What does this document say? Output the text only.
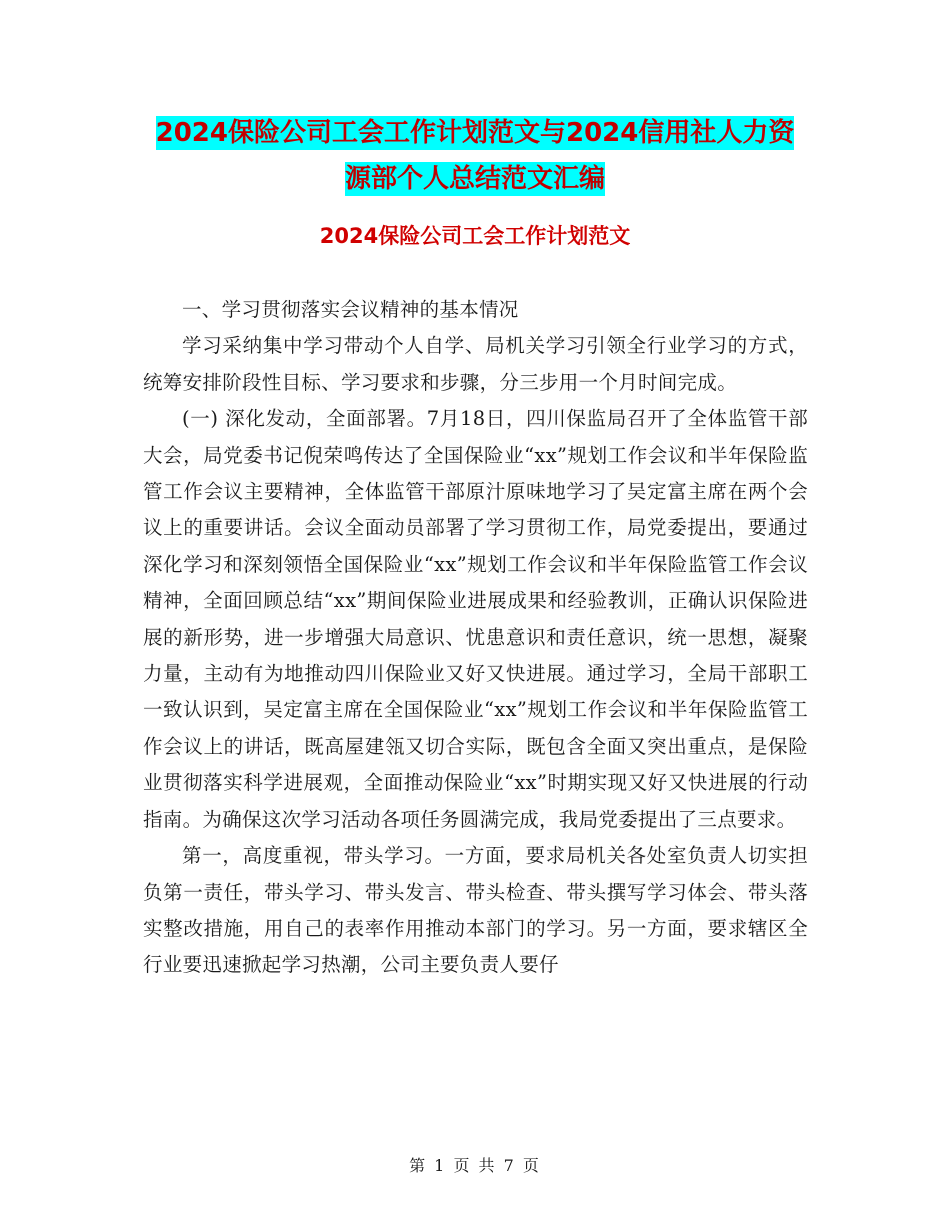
2024保险公司工会工作计划范文与2024信用社人力资
源部个人总结范文汇编
2024保险公司工会工作计划范文

一、学习贯彻落实会议精神的基本情况

学习采纳集中学习带动个人自学、局机关学习引领全行业学习的方式，统筹安排阶段性目标、学习要求和步骤，分三步用一个月时间完成。

(一) 深化发动，全面部署。7月18日，四川保监局召开了全体监管干部大会，局党委书记倪荣鸣传达了全国保险业“xx”规划工作会议和半年保险监管工作会议主要精神，全体监管干部原汁原味地学习了吴定富主席在两个会议上的重要讲话。会议全面动员部署了学习贯彻工作，局党委提出，要通过深化学习和深刻领悟全国保险业“xx”规划工作会议和半年保险监管工作会议精神，全面回顾总结“xx”期间保险业进展成果和经验教训，正确认识保险进展的新形势，进一步增强大局意识、忧患意识和责任意识，统一思想，凝聚力量，主动有为地推动四川保险业又好又快进展。通过学习，全局干部职工一致认识到，吴定富主席在全国保险业“xx”规划工作会议和半年保险监管工作会议上的讲话，既高屋建瓴又切合实际，既包含全面又突出重点，是保险业贯彻落实科学进展观，全面推动保险业“xx”时期实现又好又快进展的行动指南。为确保这次学习活动各项任务圆满完成，我局党委提出了三点要求。

第一，高度重视，带头学习。一方面，要求局机关各处室负责人切实担负第一责任，带头学习、带头发言、带头检查、带头撰写学习体会、带头落实整改措施，用自己的表率作用推动本部门的学习。另一方面，要求辖区全行业要迅速掀起学习热潮，公司主要负责人要仔

第 1 页 共 7 页
